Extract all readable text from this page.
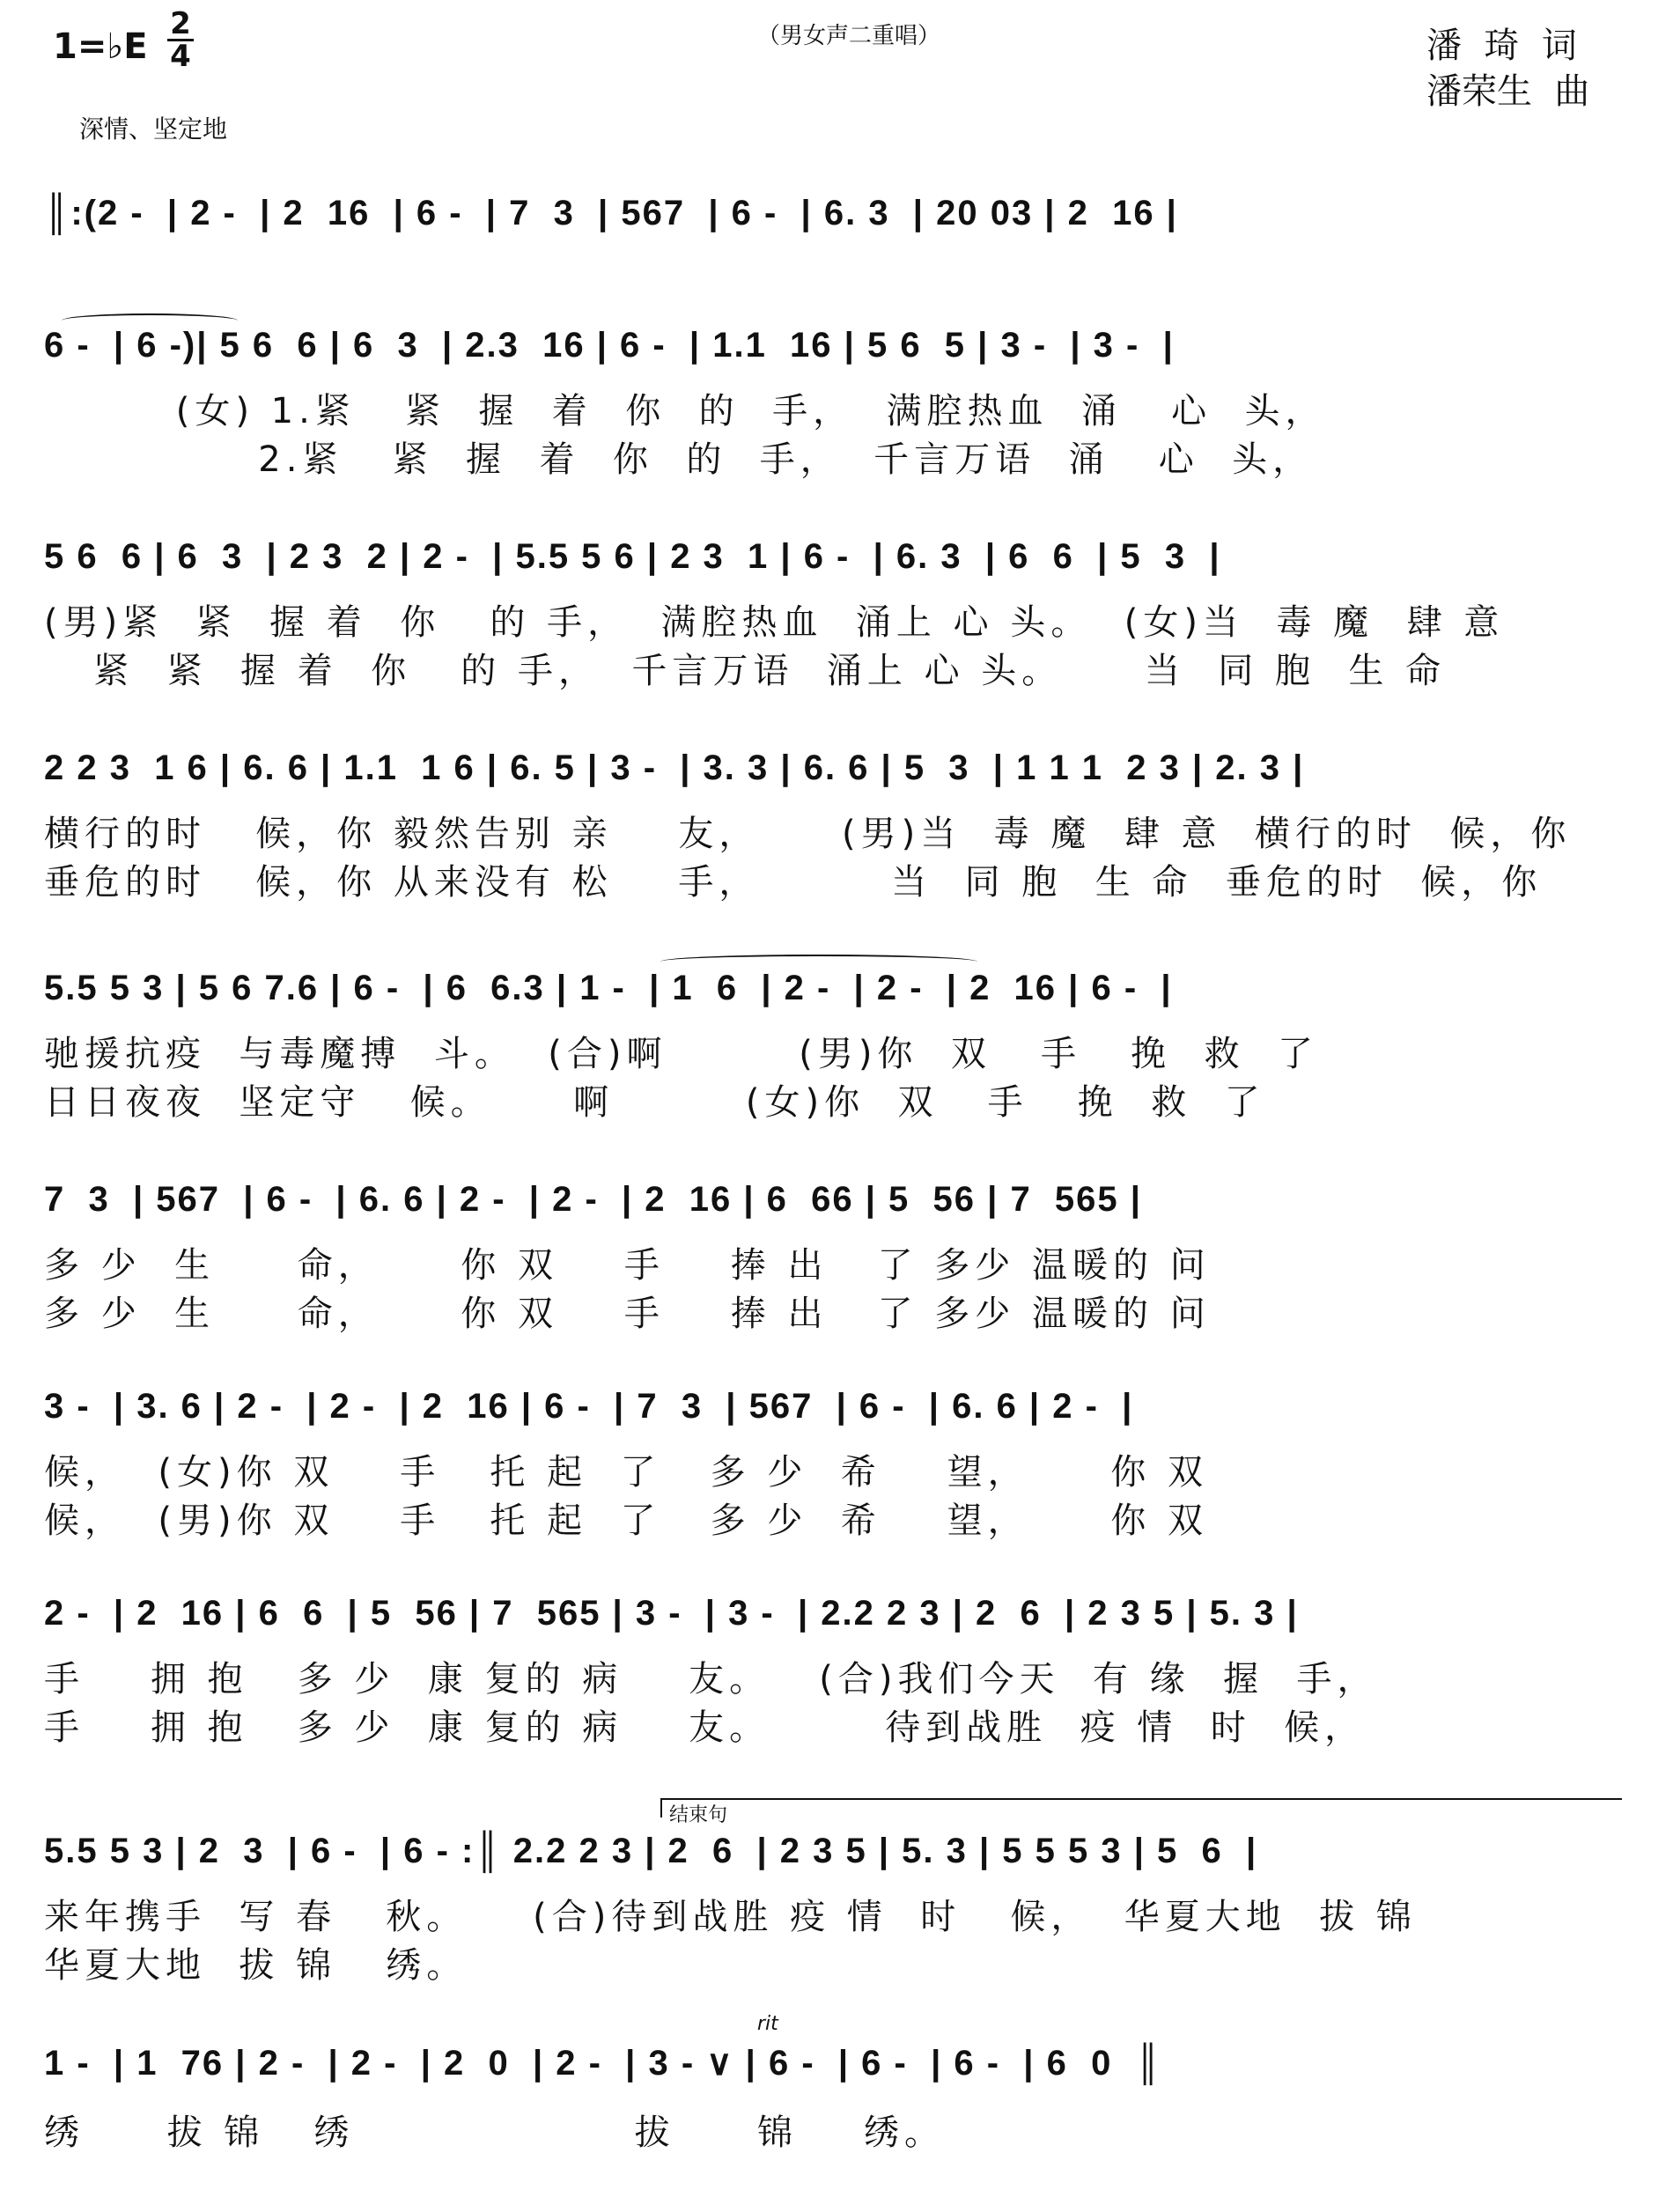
1=♭E
2
4
（男女声二重唱）	潘  琦  词
潘荣生  曲
深情、坚定地
║:(2 -  | 2 -  | 2  16  | 6 -  | 7  3  | 567  | 6 -  | 6. 3  | 20 03 | 2  16 |
6 -  | 6 -)| 5 6  6 | 6  3  | 2.3  16 | 6 -  | 1.1  16 | 5 6  5 | 3 -  | 3 -  |
(女) 1.紧   紧  握  着  你  的  手，  满腔热血  涌   心  头，
2.紧   紧  握  着  你  的  手，  千言万语  涌   心  头，
5 6  6 | 6  3  | 2 3  2 | 2 -  | 5.5 5 6 | 2 3  1 | 6 -  | 6. 3  | 6  6  | 5  3  |
(男)紧  紧  握 着  你   的 手，  满腔热血  涌上 心 头。  (女)当  毒 魔  肆 意
紧  紧  握 着  你   的 手，  千言万语  涌上 心 头。     当  同 胞  生 命
2 2 3  1 6 | 6. 6 | 1.1  1 6 | 6. 5 | 3 -  | 3. 3 | 6. 6 | 5  3  | 1 1 1  2 3 | 2. 3 |
横行的时   候，你 毅然告别 亲    友，     (男)当  毒 魔  肆 意  横行的时  候，你
垂危的时   候，你 从来没有 松    手，        当  同 胞  生 命  垂危的时  候，你
5.5 5 3 | 5 6 7.6 | 6 -  | 6  6.3 | 1 -  | 1  6  | 2 -  | 2 -  | 2  16 | 6 -  |
驰援抗疫  与毒魔搏  斗。  (合)啊        (男)你  双   手   挽  救  了
日日夜夜  坚定守   候。     啊        (女)你  双   手   挽  救  了
7  3  | 567  | 6 -  | 6. 6 | 2 -  | 2 -  | 2  16 | 6  66 | 5  56 | 7  565 |
多 少  生     命，     你 双    手    捧 出   了 多少 温暖的 问
多 少  生     命，     你 双    手    捧 出   了 多少 温暖的 问
3 -  | 3. 6 | 2 -  | 2 -  | 2  16 | 6 -  | 7  3  | 567  | 6 -  | 6. 6 | 2 -  |
候，  (女)你 双    手   托 起  了   多 少  希    望，     你 双
候，  (男)你 双    手   托 起  了   多 少  希    望，     你 双
2 -  | 2  16 | 6  6  | 5  56 | 7  565 | 3 -  | 3 -  | 2.2 2 3 | 2  6  | 2 3 5 | 5. 3 |
手    拥 抱   多 少  康 复的 病    友。   (合)我们今天  有 缘  握  手，
手    拥 抱   多 少  康 复的 病    友。       待到战胜  疫 情  时  候，
结束句
5.5 5 3 | 2  3  | 6 -  | 6 - :║ 2.2 2 3 | 2  6  | 2 3 5 | 5. 3 | 5 5 5 3 | 5  6  |
来年携手  写 春   秋。    (合)待到战胜 疫 情  时   候，  华夏大地  拔 锦
华夏大地  拔 锦   绣。
rit
1 -  | 1  76 | 2 -  | 2 -  | 2  0  | 2 -  | 3 - ∨ | 6 -  | 6 -  | 6 -  | 6  0  ║
绣     拔 锦   绣                 拔     锦    绣。
